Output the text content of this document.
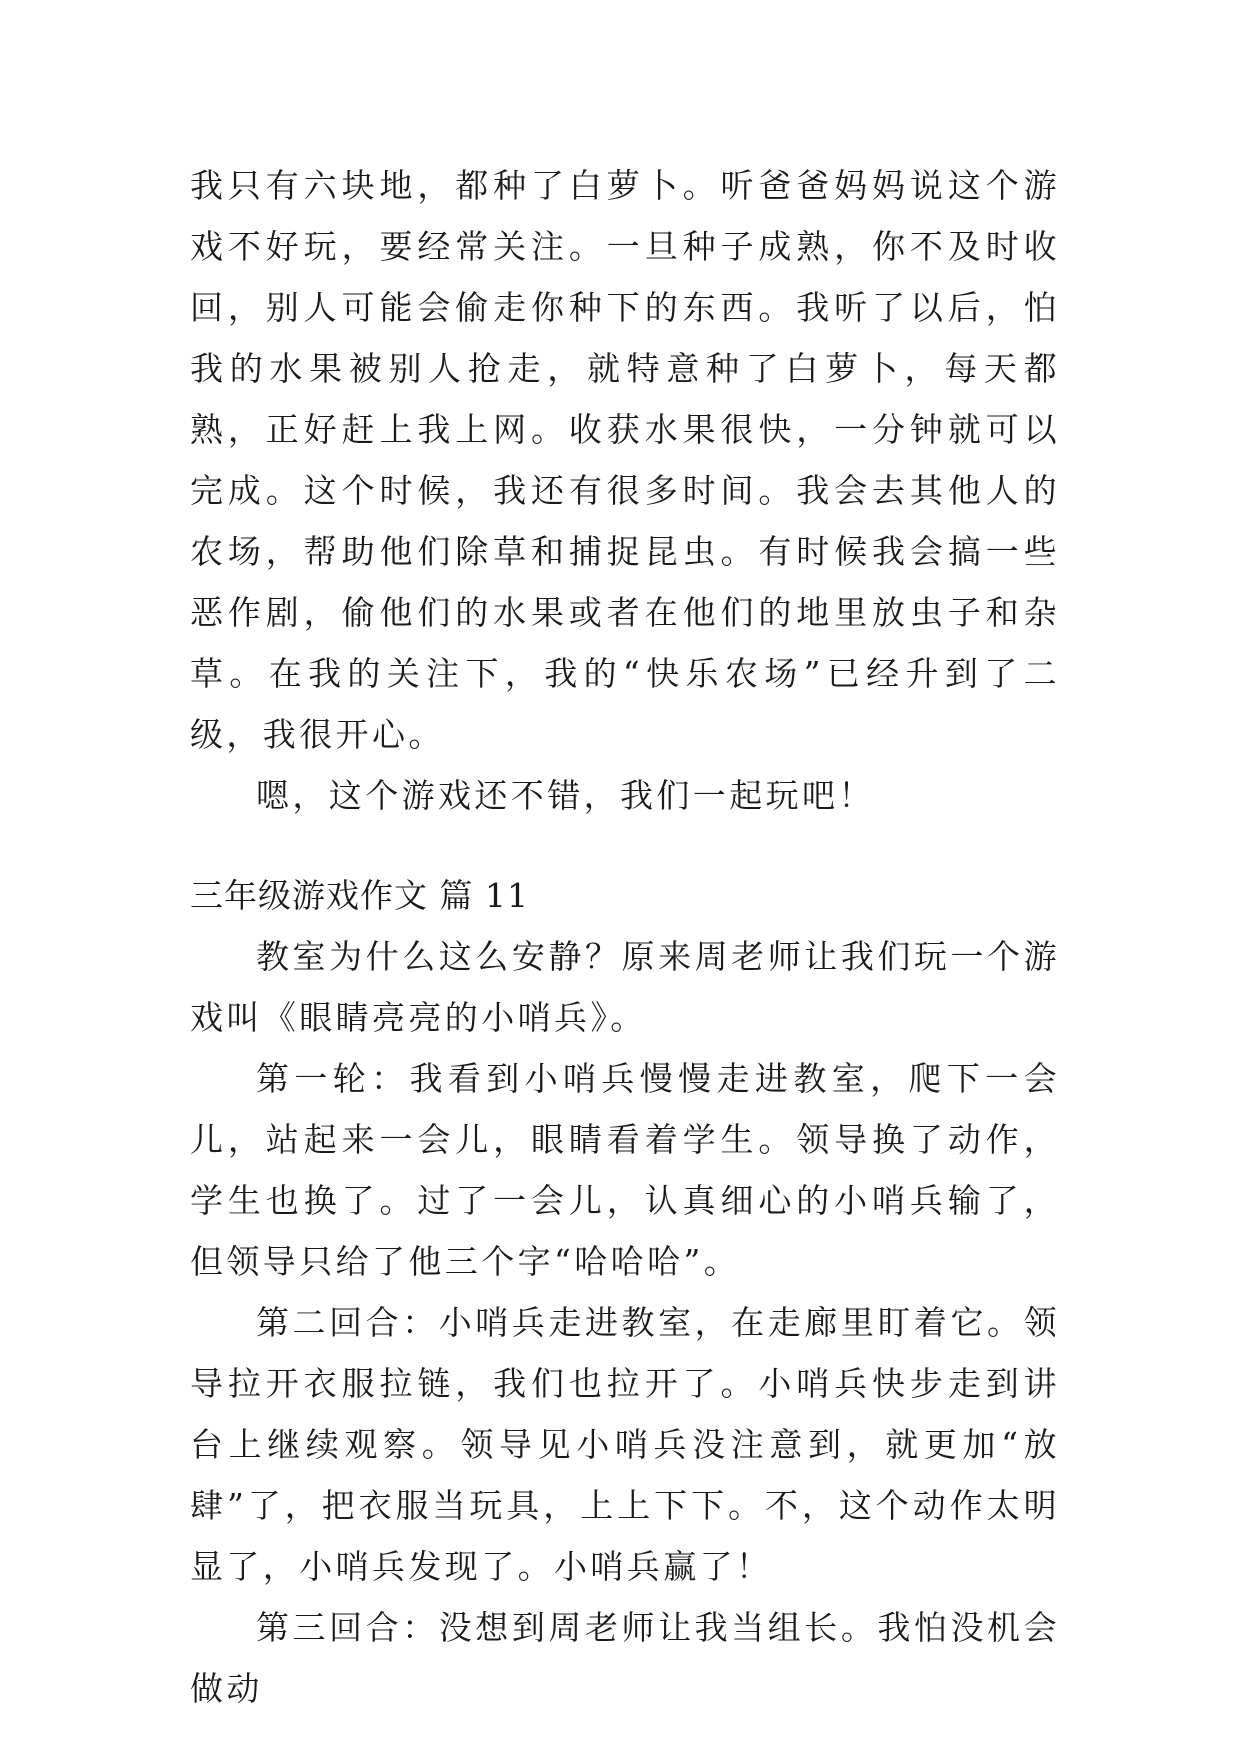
我只有六块地，都种了白萝卜。听爸爸妈妈说这个游戏不好玩，要经常关注。一旦种子成熟，你不及时收回，别人可能会偷走你种下的东西。我听了以后，怕我的水果被别人抢走，就特意种了白萝卜，每天都熟，正好赶上我上网。收获水果很快，一分钟就可以完成。这个时候，我还有很多时间。我会去其他人的农场，帮助他们除草和捕捉昆虫。有时候我会搞一些恶作剧，偷他们的水果或者在他们的地里放虫子和杂草。在我的关注下，我的“快乐农场”已经升到了二级，我很开心。

嗯，这个游戏还不错，我们一起玩吧！

三年级游戏作文 篇 11

教室为什么这么安静？原来周老师让我们玩一个游戏叫《眼睛亮亮的小哨兵》。

第一轮：我看到小哨兵慢慢走进教室，爬下一会儿，站起来一会儿，眼睛看着学生。领导换了动作，学生也换了。过了一会儿，认真细心的小哨兵输了，但领导只给了他三个字“哈哈哈”。

第二回合：小哨兵走进教室，在走廊里盯着它。领导拉开衣服拉链，我们也拉开了。小哨兵快步走到讲台上继续观察。领导见小哨兵没注意到，就更加“放肆”了，把衣服当玩具，上上下下。不，这个动作太明显了，小哨兵发现了。小哨兵赢了！

第三回合：没想到周老师让我当组长。我怕没机会做动
